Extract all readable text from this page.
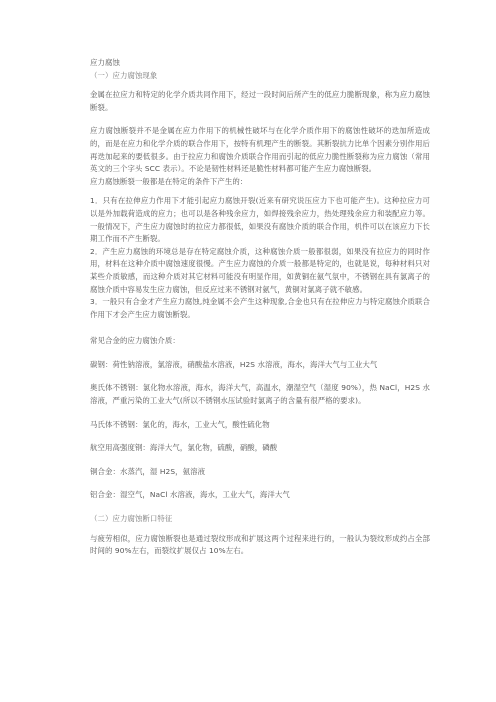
应力腐蚀

（一）应力腐蚀现象

金属在拉应力和特定的化学介质共同作用下，经过一段时间后所产生的低应力脆断现象，称为应力腐蚀断裂。

应力腐蚀断裂并不是金属在应力作用下的机械性破坏与在化学介质作用下的腐蚀性破坏的迭加所造成的，而是在应力和化学介质的联合作用下，按特有机理产生的断裂。其断裂抗力比单个因素分别作用后再迭加起来的要低很多。由于拉应力和腐蚀介质联合作用而引起的低应力脆性断裂称为应力腐蚀（常用英文的三个字头 SCC 表示）。不论是韧性材料还是脆性材料都可能产生应力腐蚀断裂。

应力腐蚀断裂一般都是在特定的条件下产生的：

1．只有在拉伸应力作用下才能引起应力腐蚀开裂(近来有研究说压应力下也可能产生)。这种拉应力可以是外加载荷造成的应力；也可以是各种残余应力，如焊接残余应力，热处理残余应力和装配应力等。一般情况下，产生应力腐蚀时的拉应力都很低，如果没有腐蚀介质的联合作用，机件可以在该应力下长期工作而不产生断裂。

2．产生应力腐蚀的环境总是存在特定腐蚀介质，这种腐蚀介质一般都很弱，如果没有拉应力的同时作用，材料在这种介质中腐蚀速度很慢。产生应力腐蚀的介质一般都是特定的，也就是说，每种材料只对某些介质敏感，而这种介质对其它材料可能没有明显作用，如黄铜在氨气氛中，不锈钢在具有氯离子的腐蚀介质中容易发生应力腐蚀，但反应过来不锈钢对氨气，黄铜对氯离子就不敏感。

3．一般只有合金才产生应力腐蚀,纯金属不会产生这种现象,合金也只有在拉伸应力与特定腐蚀介质联合作用下才会产生应力腐蚀断裂。

常见合金的应力腐蚀介质：

碳钢：荷性钠溶液，氯溶液，硝酸盐水溶液，H2S 水溶液，海水，海洋大气与工业大气

奥氏体不锈钢：氯化物水溶液，海水，海洋大气，高温水，潮湿空气（湿度 90%），热 NaCl，H2S 水溶液，严重污染的工业大气(所以不锈钢水压试验时氯离子的含量有很严格的要求)。

马氏体不锈钢：氯化的，海水，工业大气，酸性硫化物

航空用高强度钢：海洋大气，氯化物，硫酸，硝酸，磷酸

铜合金：水蒸汽，湿 H2S，氨溶液

铝合金：湿空气，NaCl 水溶液，海水，工业大气，海洋大气

（二）应力腐蚀断口特征

与疲劳相似，应力腐蚀断裂也是通过裂纹形成和扩展这两个过程来进行的，一般认为裂纹形成约占全部时间的 90%左右，而裂纹扩展仅占 10%左右。
